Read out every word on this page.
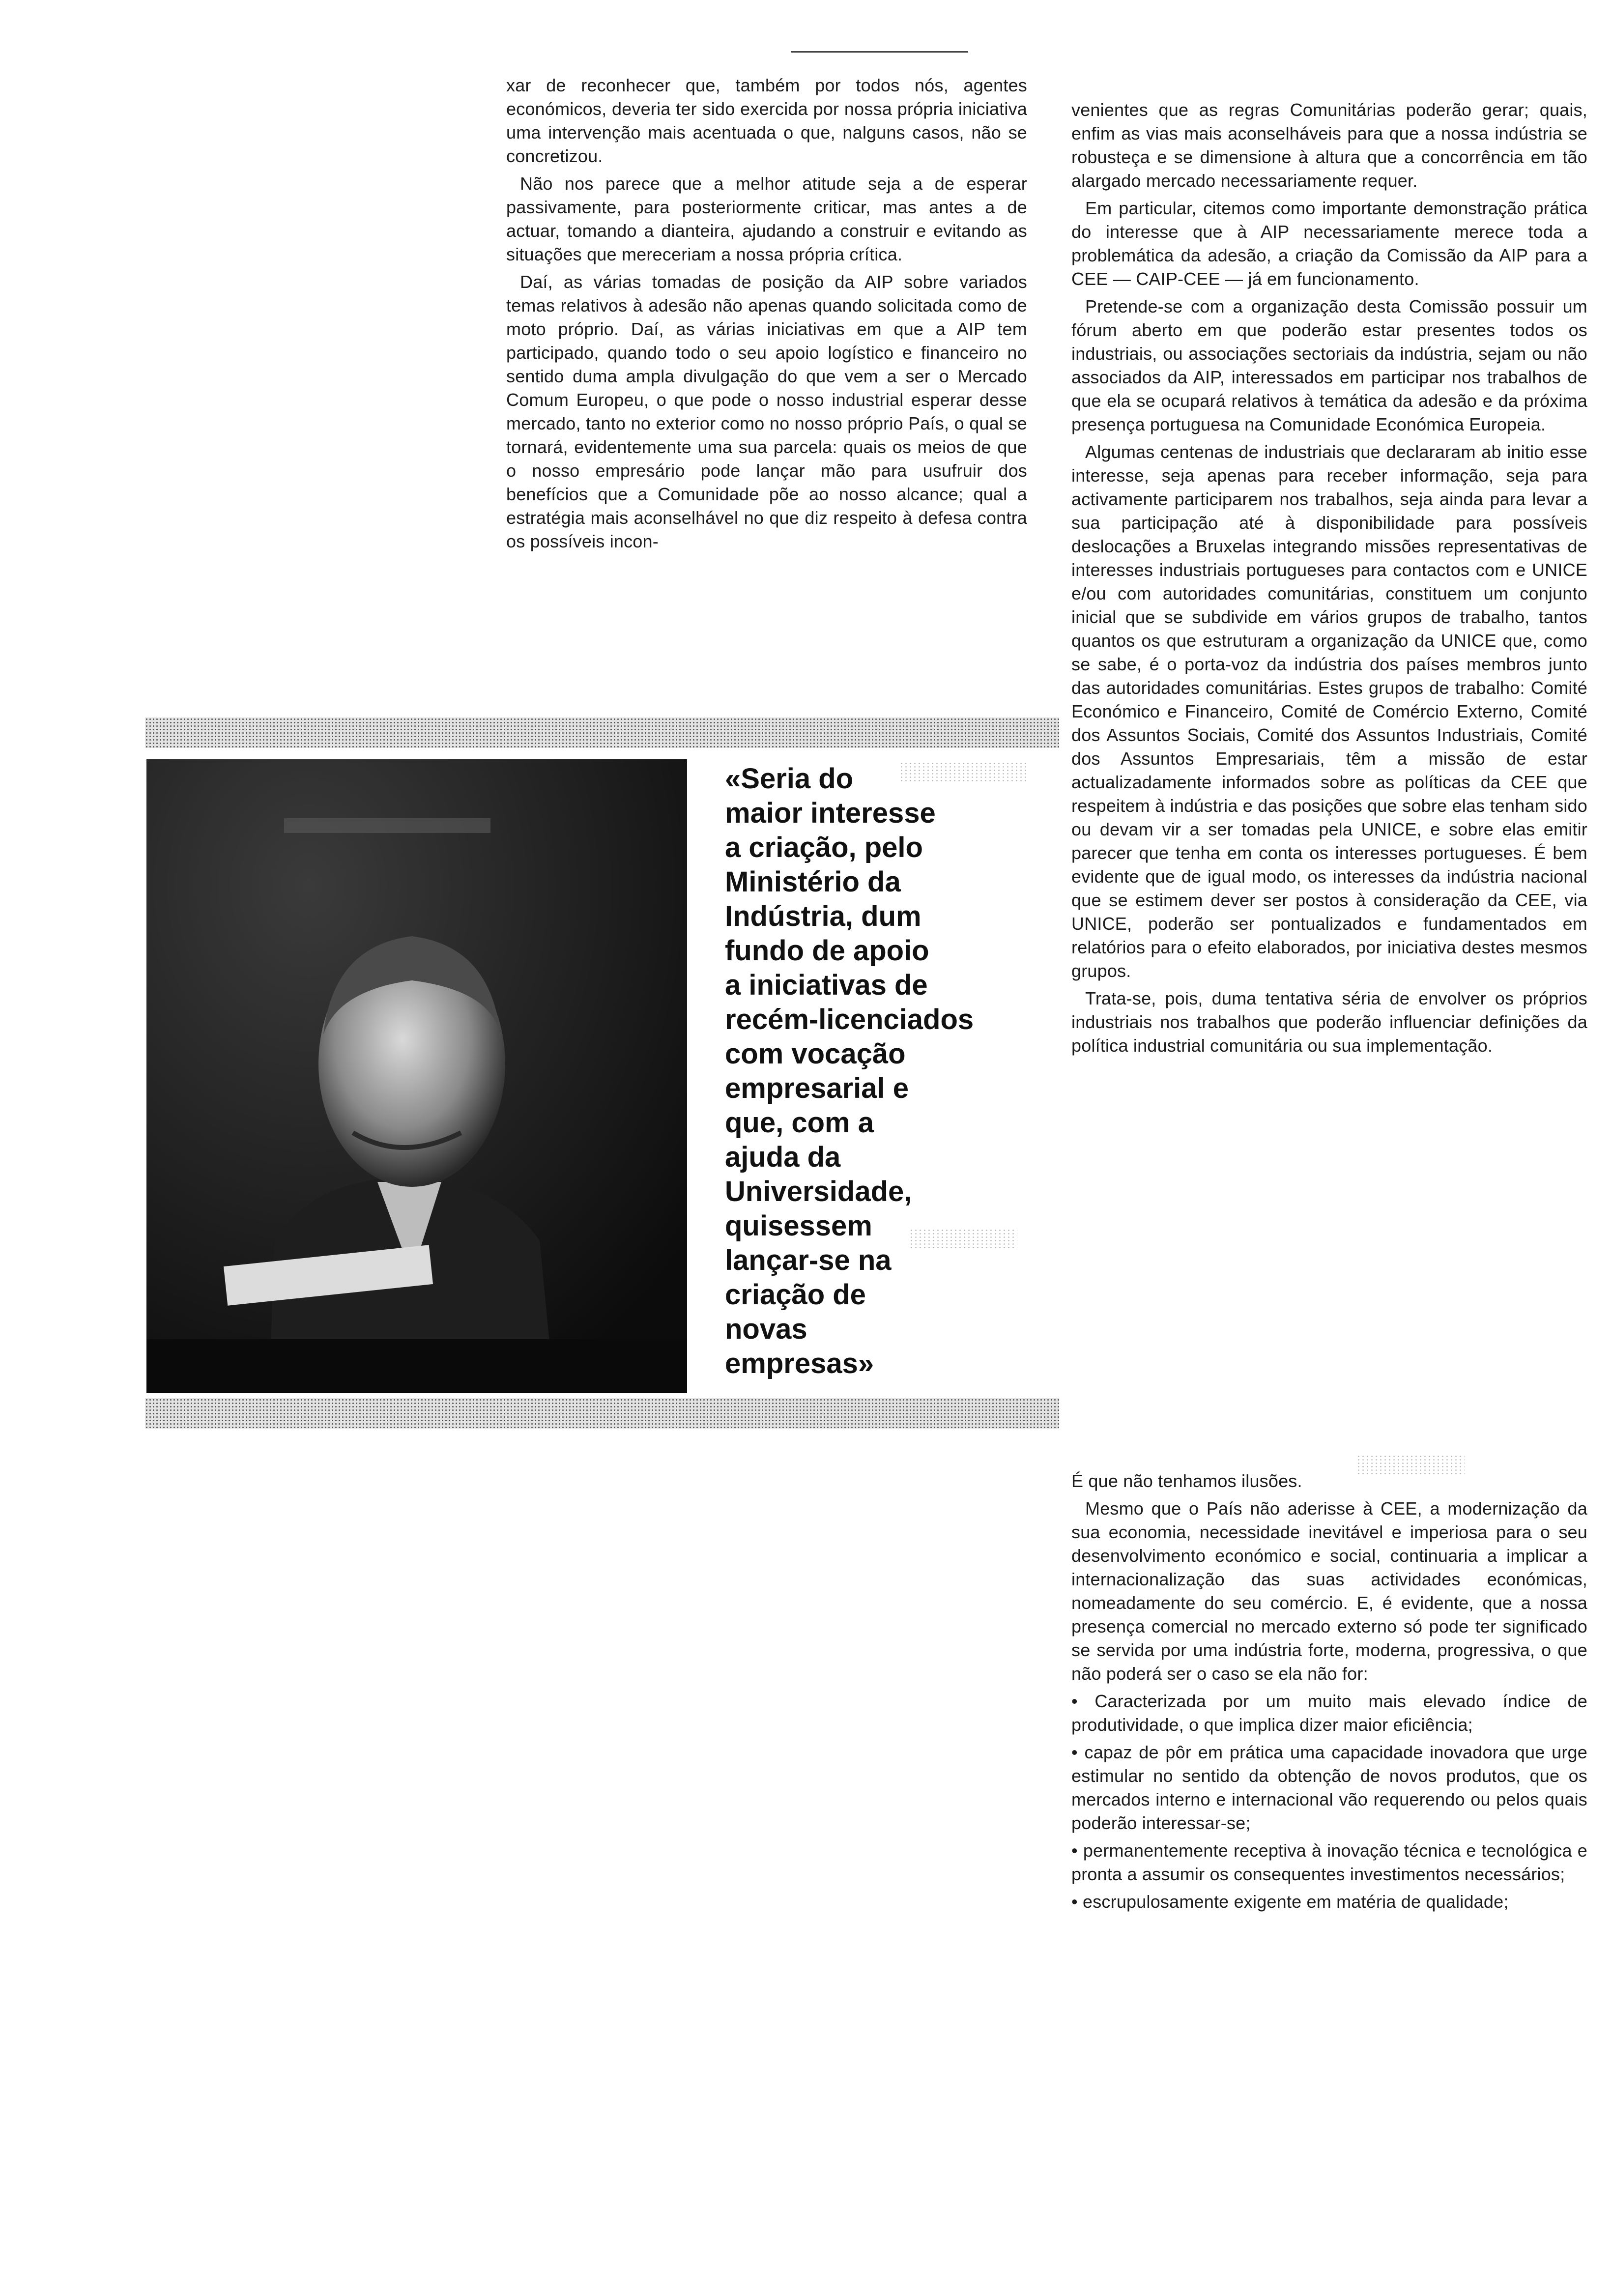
xar de reconhecer que, também por todos nós, agentes económicos, deveria ter sido exercida por nossa própria iniciativa uma intervenção mais acentuada o que, nalguns casos, não se concretizou.

Não nos parece que a melhor atitude seja a de esperar passivamente, para posteriormente criticar, mas antes a de actuar, tomando a dianteira, ajudando a construir e evitando as situações que mereceriam a nossa própria crítica.

Daí, as várias tomadas de posição da AIP sobre variados temas relativos à adesão não apenas quando solicitada como de moto próprio. Daí, as várias iniciativas em que a AIP tem participado, quando todo o seu apoio logístico e financeiro no sentido duma ampla divulgação do que vem a ser o Mercado Comum Europeu, o que pode o nosso industrial esperar desse mercado, tanto no exterior como no nosso próprio País, o qual se tornará, evidentemente uma sua parcela: quais os meios de que o nosso empresário pode lançar mão para usufruir dos benefícios que a Comunidade põe ao nosso alcance; qual a estratégia mais aconselhável no que diz respeito à defesa contra os possíveis incon-

venientes que as regras Comunitárias poderão gerar; quais, enfim as vias mais aconselháveis para que a nossa indústria se robusteça e se dimensione à altura que a concorrência em tão alargado mercado necessariamente requer.

Em particular, citemos como importante demonstração prática do interesse que à AIP necessariamente merece toda a problemática da adesão, a criação da Comissão da AIP para a CEE — CAIP-CEE — já em funcionamento.

Pretende-se com a organização desta Comissão possuir um fórum aberto em que poderão estar presentes todos os industriais, ou associações sectoriais da indústria, sejam ou não associados da AIP, interessados em participar nos trabalhos de que ela se ocupará relativos à temática da adesão e da próxima presença portuguesa na Comunidade Económica Europeia.

Algumas centenas de industriais que declararam ab initio esse interesse, seja apenas para receber informação, seja para activamente participarem nos trabalhos, seja ainda para levar a sua participação até à disponibilidade para possíveis deslocações a Bruxelas integrando missões representativas de interesses industriais portugueses para contactos com e UNICE e/ou com autoridades comunitárias, constituem um conjunto inicial que se subdivide em vários grupos de trabalho, tantos quantos os que estruturam a organização da UNICE que, como se sabe, é o porta-voz da indústria dos países membros junto das autoridades comunitárias. Estes grupos de trabalho: Comité Económico e Financeiro, Comité de Comércio Externo, Comité dos Assuntos Sociais, Comité dos Assuntos Industriais, Comité dos Assuntos Empresariais, têm a missão de estar actualizadamente informados sobre as políticas da CEE que respeitem à indústria e das posições que sobre elas tenham sido ou devam vir a ser tomadas pela UNICE, e sobre elas emitir parecer que tenha em conta os interesses portugueses. É bem evidente que de igual modo, os interesses da indústria nacional que se estimem dever ser postos à consideração da CEE, via UNICE, poderão ser pontualizados e fundamentados em relatórios para o efeito elaborados, por iniciativa destes mesmos grupos.

Trata-se, pois, duma tentativa séria de envolver os próprios industriais nos trabalhos que poderão influenciar definições da política industrial comunitária ou sua implementação.

«Seria do
maior interesse
a criação, pelo
Ministério da
Indústria, dum
fundo de apoio
a iniciativas de
recém-licenciados
com vocação
empresarial e
que, com a
ajuda da
Universidade,
quisessem
lançar-se na
criação de
novas
empresas»

É que não tenhamos ilusões.

Mesmo que o País não aderisse à CEE, a modernização da sua economia, necessidade inevitável e imperiosa para o seu desenvolvimento económico e social, continuaria a implicar a internacionalização das suas actividades económicas, nomeadamente do seu comércio. E, é evidente, que a nossa presença comercial no mercado externo só pode ter significado se servida por uma indústria forte, moderna, progressiva, o que não poderá ser o caso se ela não for:

• Caracterizada por um muito mais elevado índice de produtividade, o que implica dizer maior eficiência;

• capaz de pôr em prática uma capacidade inovadora que urge estimular no sentido da obtenção de novos produtos, que os mercados interno e internacional vão requerendo ou pelos quais poderão interessar-se;

• permanentemente receptiva à inovação técnica e tecnológica e pronta a assumir os consequentes investimentos necessários;

• escrupulosamente exigente em matéria de qualidade;
